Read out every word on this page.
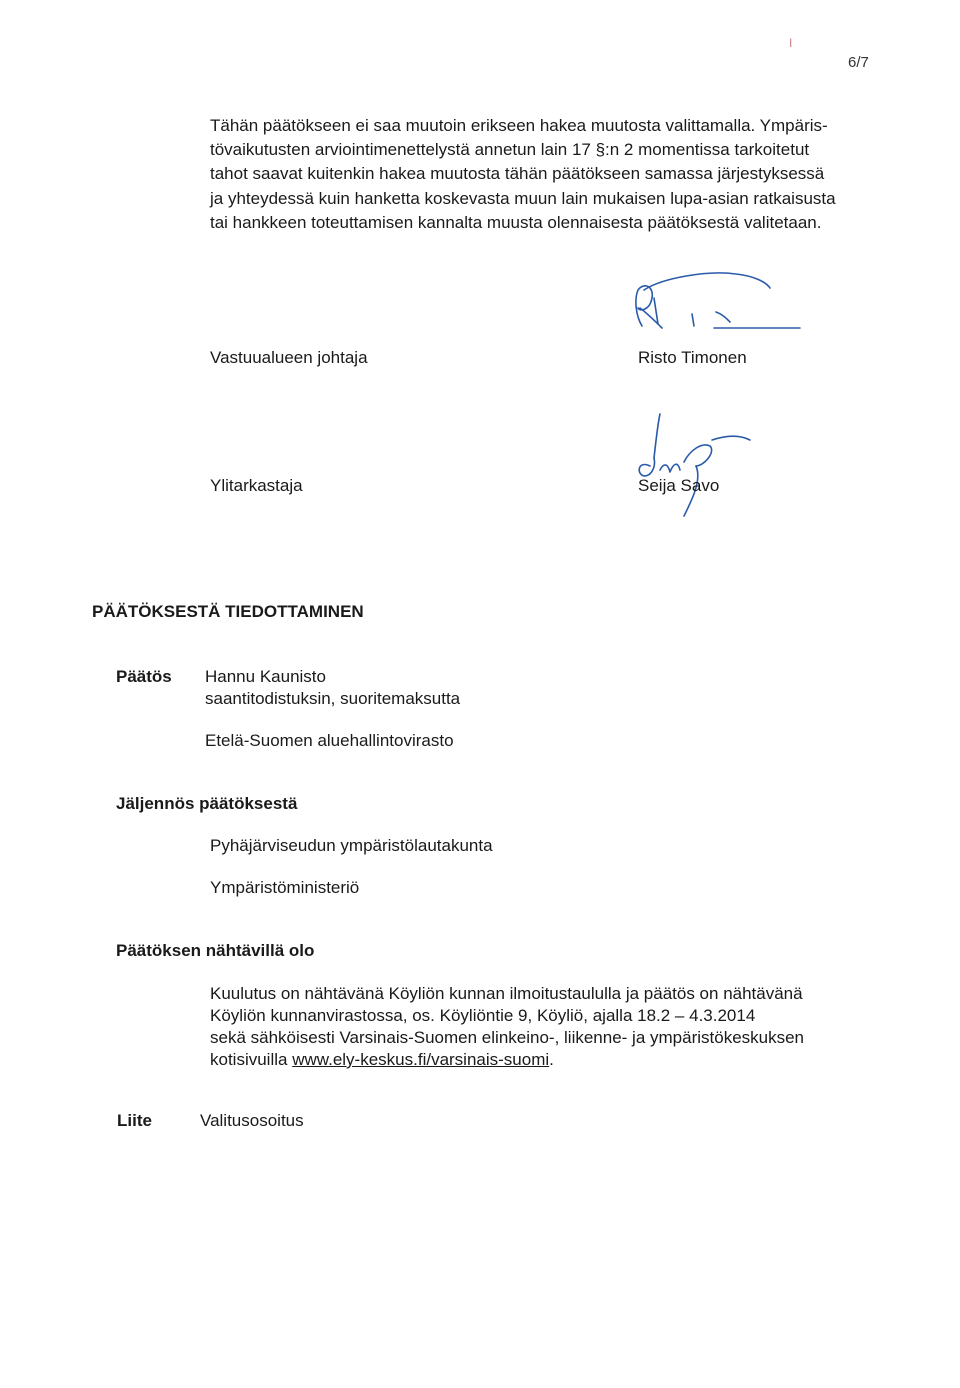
I
6/7
Tähän päätökseen ei saa muutoin erikseen hakea muutosta valittamalla. Ympäris-
tövaikutusten arviointimenettelystä annetun lain 17 §:n 2 momentissa tarkoitetut
tahot saavat kuitenkin hakea muutosta tähän päätökseen samassa järjestyksessä
ja yhteydessä kuin hanketta koskevasta muun lain mukaisen lupa-asian ratkaisusta
tai hankkeen toteuttamisen kannalta muusta olennaisesta päätöksestä valitetaan.
Vastuualueen johtaja	Risto Timonen
Ylitarkastaja	Seija Savo
PÄÄTÖKSESTÄ TIEDOTTAMINEN
Päätös Hannu Kaunisto
saantitodistuksin, suoritemaksutta
Etelä-Suomen aluehallintovirasto
Jäljennös päätöksestä
Pyhäjärviseudun ympäristölautakunta
Ympäristöministeriö
Päätöksen nähtävillä olo
Kuulutus on nähtävänä Köyliön kunnan ilmoitustaululla ja päätös on nähtävänä
Köyliön kunnanvirastossa, os. Köyliöntie 9, Köyliö, ajalla 18.2 – 4.3.2014
sekä sähköisesti Varsinais-Suomen elinkeino-, liikenne- ja ympäristökeskuksen
kotisivuilla www.ely-keskus.fi/varsinais-suomi.
Liite	Valitusosoitus
